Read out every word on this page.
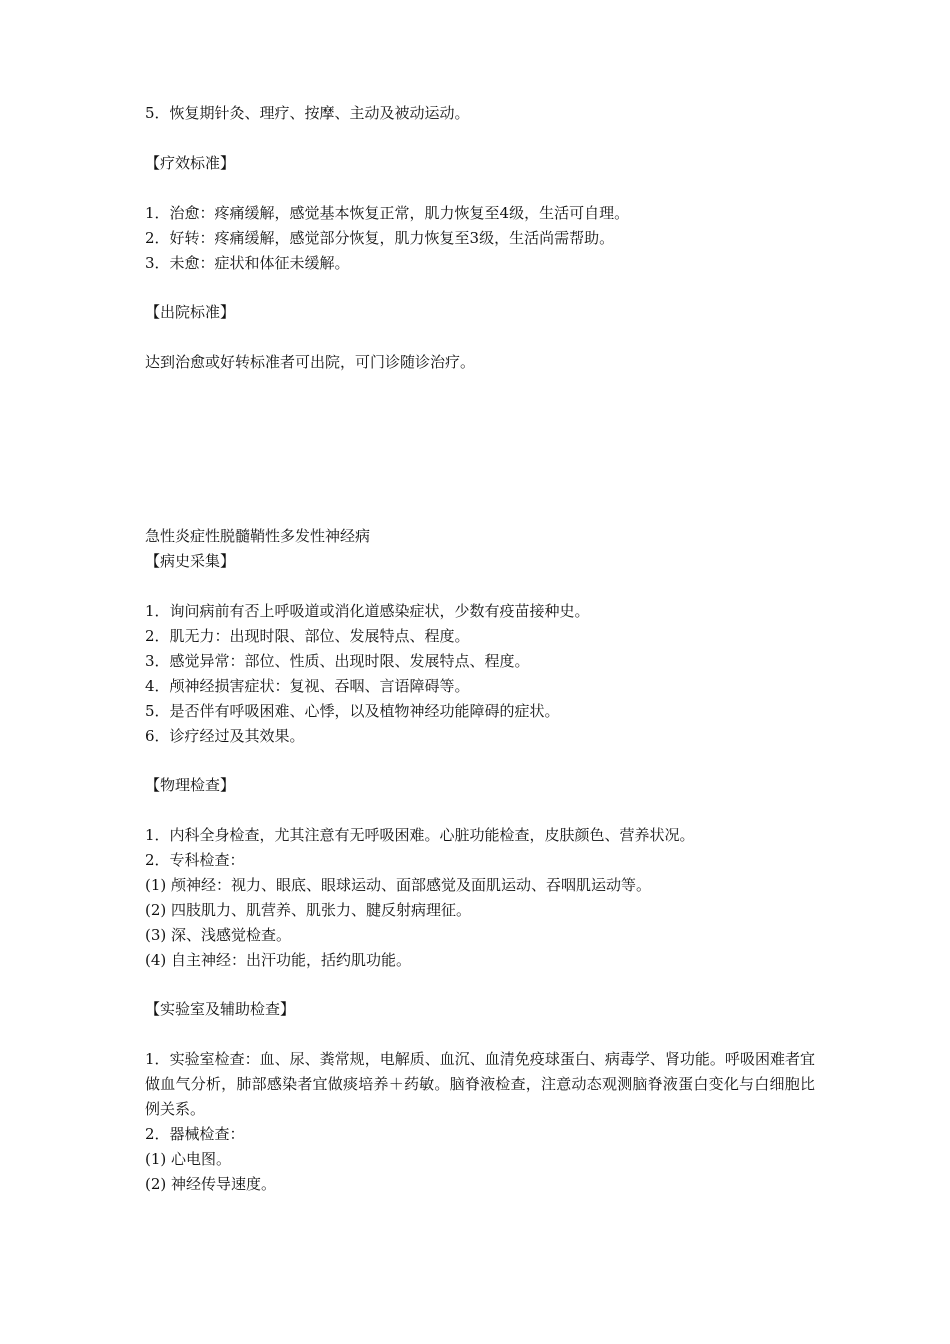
5．恢复期针灸、理疗、按摩、主动及被动运动。
【疗效标准】
1．治愈：疼痛缓解，感觉基本恢复正常，肌力恢复至4级，生活可自理。
2．好转：疼痛缓解，感觉部分恢复，肌力恢复至3级，生活尚需帮助。
3．未愈：症状和体征未缓解。
【出院标准】
达到治愈或好转标准者可出院，可门诊随诊治疗。
急性炎症性脱髓鞘性多发性神经病
【病史采集】
1．询问病前有否上呼吸道或消化道感染症状，少数有疫苗接种史。
2．肌无力：出现时限、部位、发展特点、程度。
3．感觉异常：部位、性质、出现时限、发展特点、程度。
4．颅神经损害症状：复视、吞咽、言语障碍等。
5．是否伴有呼吸困难、心悸，以及植物神经功能障碍的症状。
6．诊疗经过及其效果。
【物理检查】
1．内科全身检查，尤其注意有无呼吸困难。心脏功能检查，皮肤颜色、营养状况。
2．专科检查：
(1) 颅神经：视力、眼底、眼球运动、面部感觉及面肌运动、吞咽肌运动等。
(2) 四肢肌力、肌营养、肌张力、腱反射病理征。
(3) 深、浅感觉检查。
(4) 自主神经：出汗功能，括约肌功能。
【实验室及辅助检查】
1．实验室检查：血、尿、粪常规，电解质、血沉、血清免疫球蛋白、病毒学、肾功能。呼吸困难者宜做血气分析，肺部感染者宜做痰培养＋药敏。脑脊液检查，注意动态观测脑脊液蛋白变化与白细胞比例关系。
2．器械检查：
(1) 心电图。
(2) 神经传导速度。
